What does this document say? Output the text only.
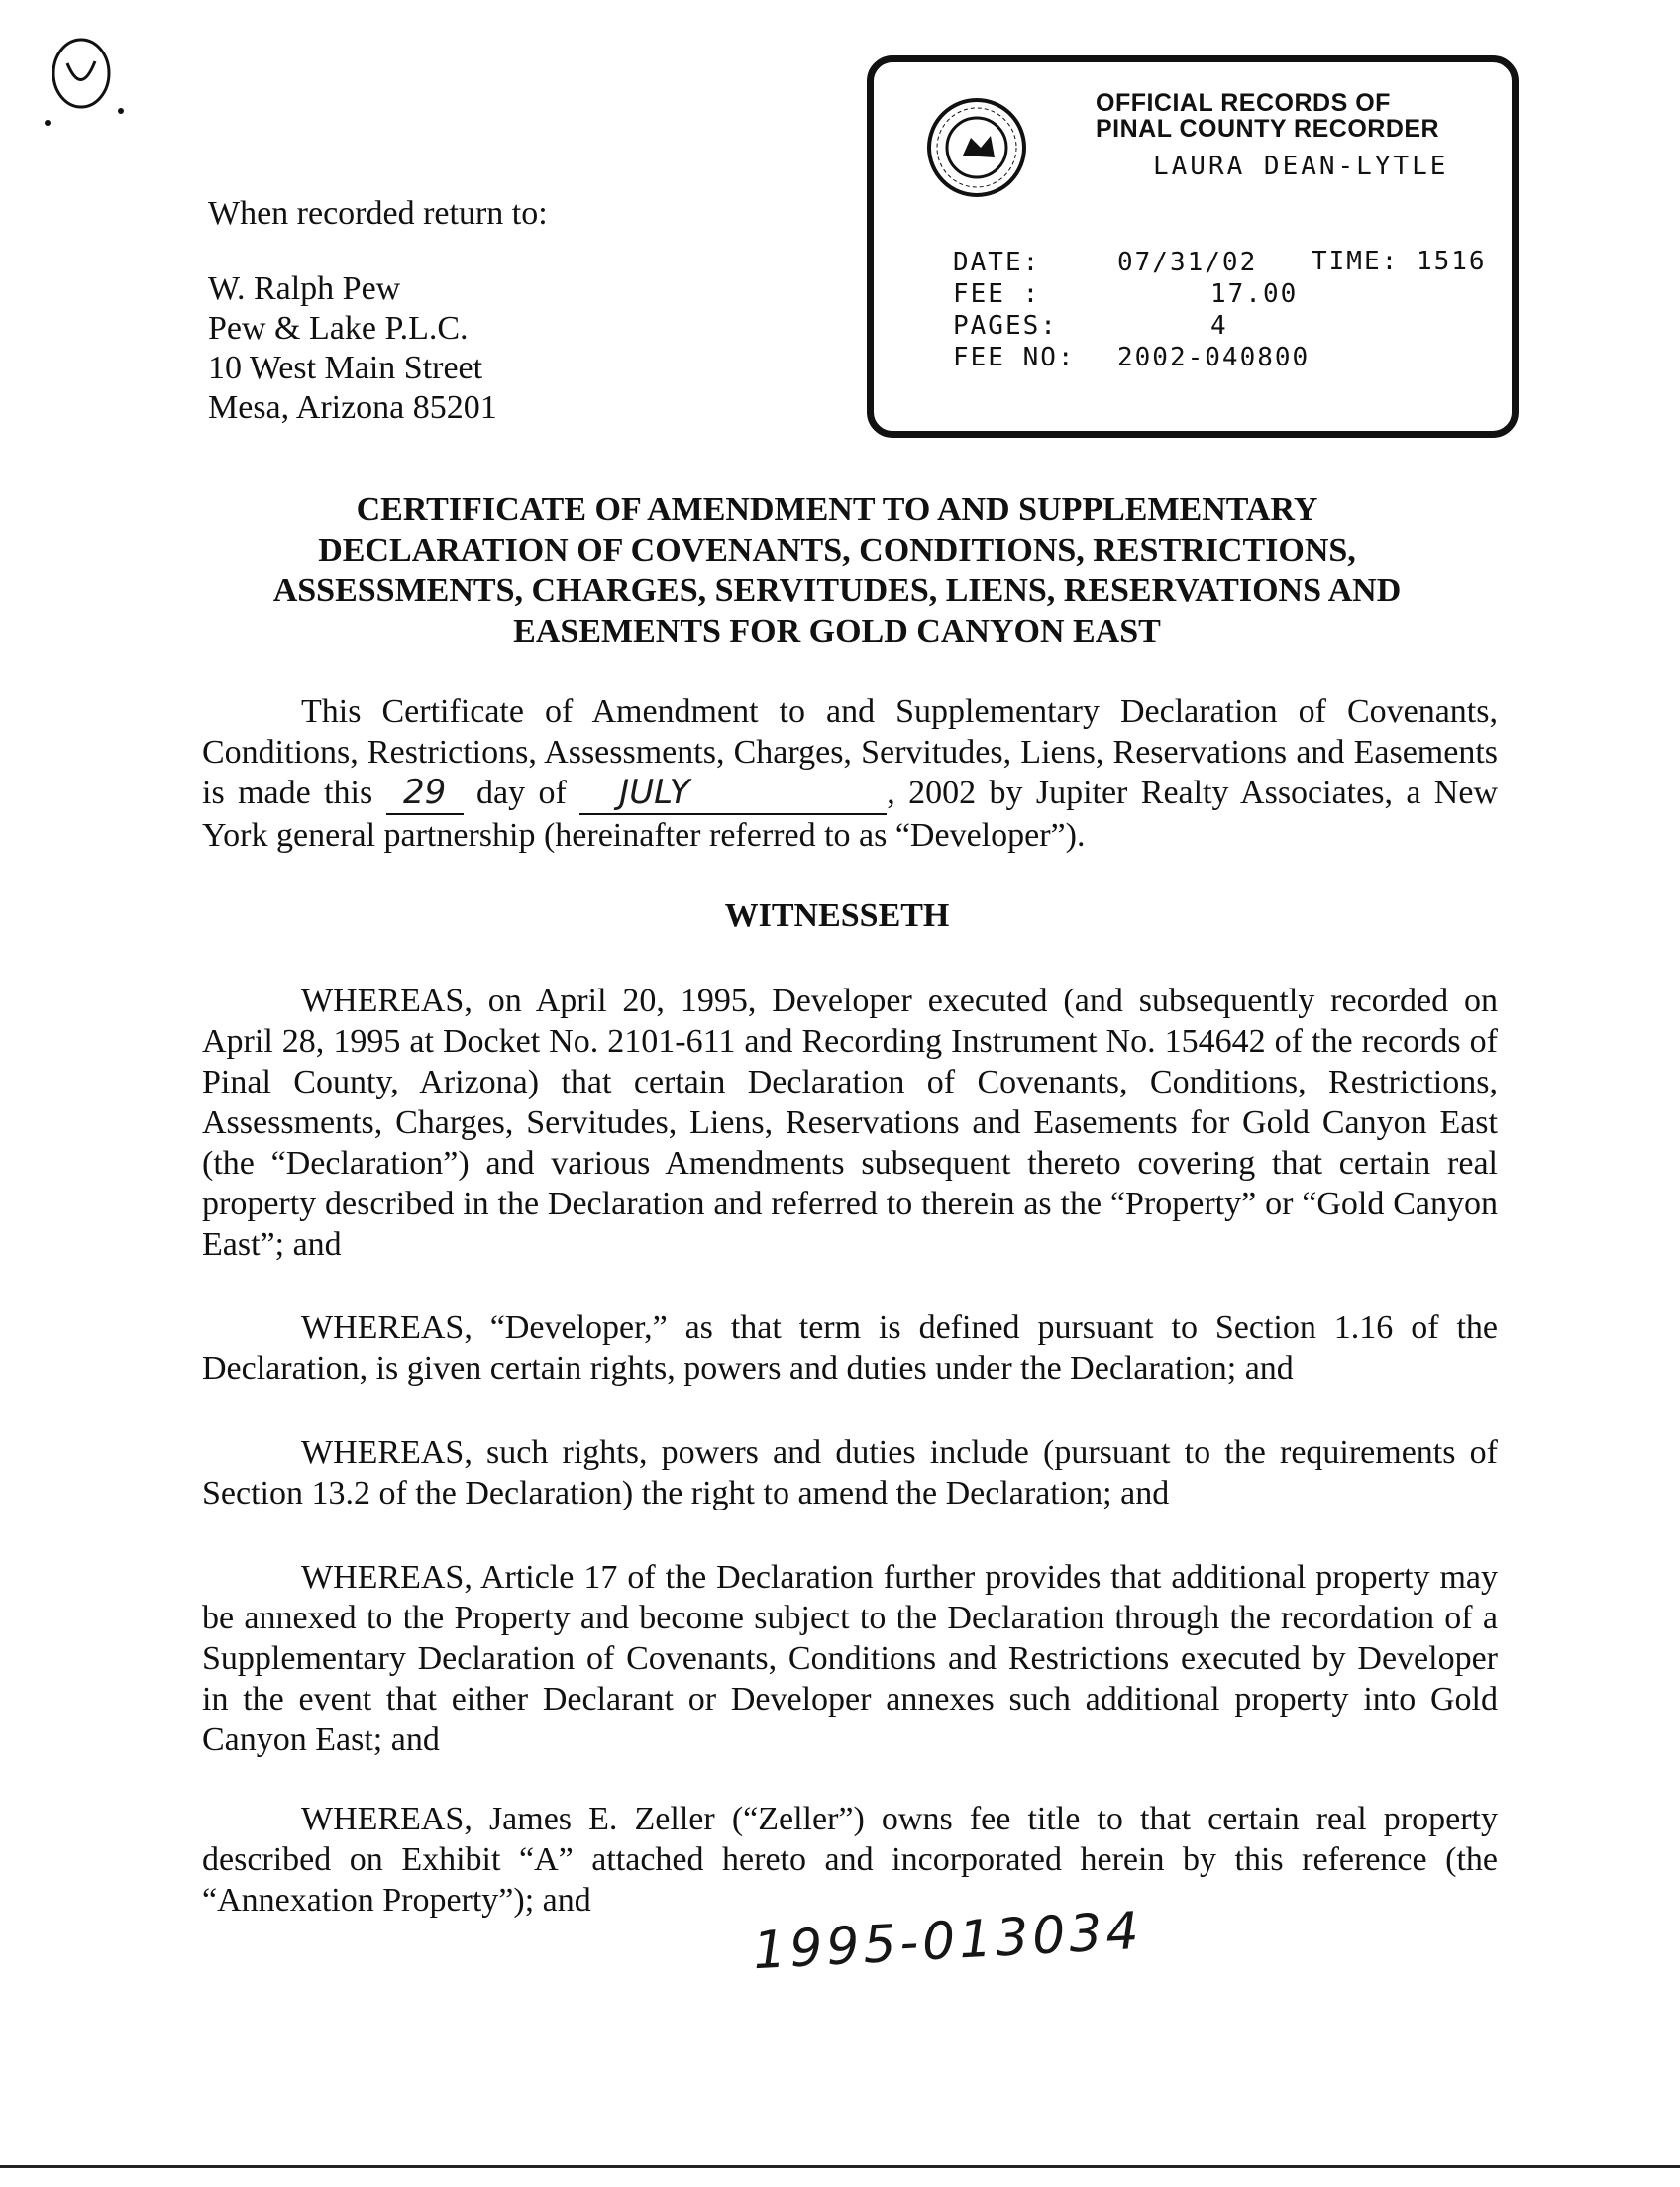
When recorded return to:
W. Ralph Pew
Pew & Lake P.L.C.
10 West Main Street
Mesa, Arizona 85201
OFFICIAL RECORDS OF
PINAL COUNTY RECORDER
LAURA DEAN-LYTLE
DATE:	07/31/02
FEE :	17.00
PAGES:	4
FEE NO: 2002-040800
TIME: 1516
CERTIFICATE OF AMENDMENT TO AND SUPPLEMENTARY
DECLARATION OF COVENANTS, CONDITIONS, RESTRICTIONS,
ASSESSMENTS, CHARGES, SERVITUDES, LIENS, RESERVATIONS AND
EASEMENTS FOR GOLD CANYON EAST

This Certificate of Amendment to and Supplementary Declaration of Covenants, Conditions, Restrictions, Assessments, Charges, Servitudes, Liens, Reservations and Easements is made this 29 day of JULY	, 2002 by Jupiter Realty Associates, a New York general partnership (hereinafter referred to as “Developer”).

WITNESSETH

WHEREAS, on April 20, 1995, Developer executed (and subsequently recorded on April 28, 1995 at Docket No. 2101-611 and Recording Instrument No. 154642 of the records of Pinal County, Arizona) that certain Declaration of Covenants, Conditions, Restrictions, Assessments, Charges, Servitudes, Liens, Reservations and Easements for Gold Canyon East (the “Declaration”) and various Amendments subsequent thereto covering that certain real property described in the Declaration and referred to therein as the “Property” or “Gold Canyon East”; and

WHEREAS, “Developer,” as that term is defined pursuant to Section 1.16 of the Declaration, is given certain rights, powers and duties under the Declaration; and

WHEREAS, such rights, powers and duties include (pursuant to the requirements of Section 13.2 of the Declaration) the right to amend the Declaration; and

WHEREAS, Article 17 of the Declaration further provides that additional property may be annexed to the Property and become subject to the Declaration through the recordation of a Supplementary Declaration of Covenants, Conditions and Restrictions executed by Developer in the event that either Declarant or Developer annexes such additional property into Gold Canyon East; and

WHEREAS, James E. Zeller (“Zeller”) owns fee title to that certain real property described on Exhibit “A” attached hereto and incorporated herein by this reference (the “Annexation Property”); and

1995-013034
